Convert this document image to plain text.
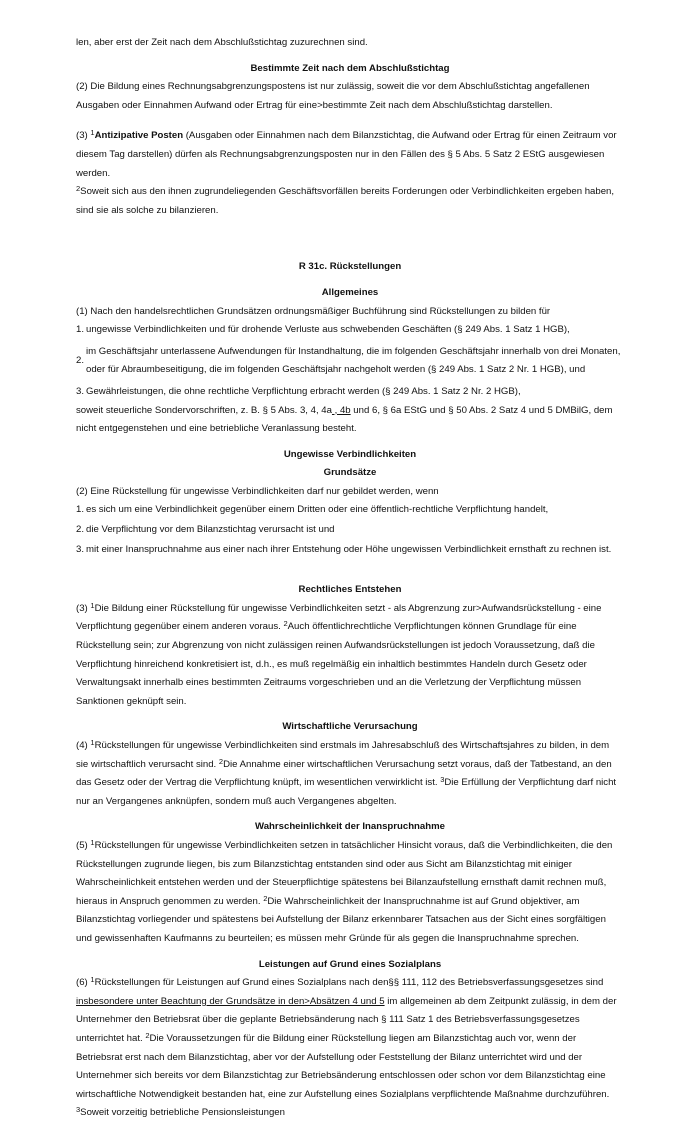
len, aber erst der Zeit nach dem Abschlußstichtag zuzurechnen sind.

Bestimmte Zeit nach dem Abschlußstichtag

(2) Die Bildung eines Rechnungsabgrenzungspostens ist nur zulässig, soweit die vor dem Abschlußstichtag angefallenen Ausgaben oder Einnahmen Aufwand oder Ertrag für eine>bestimmte Zeit nach dem Abschlußstichtag darstellen.

(3) $^1$Antizipative Posten (Ausgaben oder Einnahmen nach dem Bilanzstichtag, die Aufwand oder Ertrag für einen Zeitraum vor diesem Tag darstellen) dürfen als Rechnungsabgrenzungsposten nur in den Fällen des § 5 Abs. 5 Satz 2 EStG ausgewiesen werden.
$^2$Soweit sich aus den ihnen zugrundeliegenden Geschäftsvorfällen bereits Forderungen oder Verbindlichkeiten ergeben haben, sind sie als solche zu bilanzieren.

R 31c. Rückstellungen

Allgemeines

(1) Nach den handelsrechtlichen Grundsätzen ordnungsmäßiger Buchführung sind Rückstellungen zu bilden für

1. ungewisse Verbindlichkeiten und für drohende Verluste aus schwebenden Geschäften (§ 249 Abs. 1 Satz 1 HGB),
2.
im Geschäftsjahr unterlassene Aufwendungen für Instandhaltung, die im folgenden Geschäftsjahr innerhalb von drei Monaten, oder für Abraumbeseitigung, die im folgenden Geschäftsjahr nachgeholt werden (§ 249 Abs. 1 Satz 2 Nr. 1 HGB), und
3. Gewährleistungen, die ohne rechtliche Verpflichtung erbracht werden (§ 249 Abs. 1 Satz 2 Nr. 2 HGB),

soweit steuerliche Sondervorschriften, z. B. § 5 Abs. 3, 4, 4a , 4b und 6, § 6a EStG und § 50 Abs. 2 Satz 4 und 5 DMBilG, dem nicht entgegenstehen und eine betriebliche Veranlassung besteht.

Ungewisse Verbindlichkeiten

Grundsätze

(2) Eine Rückstellung für ungewisse Verbindlichkeiten darf nur gebildet werden, wenn

1. es sich um eine Verbindlichkeit gegenüber einem Dritten oder eine öffentlich-rechtliche Verpflichtung handelt,
2. die Verpflichtung vor dem Bilanzstichtag verursacht ist und
3. mit einer Inanspruchnahme aus einer nach ihrer Entstehung oder Höhe ungewissen Verbindlichkeit ernsthaft zu rechnen ist.

Rechtliches Entstehen

(3) $^1$Die Bildung einer Rückstellung für ungewisse Verbindlichkeiten setzt - als Abgrenzung zur>Aufwandsrückstellung - eine Verpflichtung gegenüber einem anderen voraus. $^2$Auch öffentlichrechtliche Verpflichtungen können Grundlage für eine Rückstellung sein; zur Abgrenzung von nicht zulässigen reinen Aufwandsrückstellungen ist jedoch Voraussetzung, daß die Verpflichtung hinreichend konkretisiert ist, d.h., es muß regelmäßig ein inhaltlich bestimmtes Handeln durch Gesetz oder Verwaltungsakt innerhalb eines bestimmten Zeitraums vorgeschrieben und an die Verletzung der Verpflichtung müssen Sanktionen geknüpft sein.

Wirtschaftliche Verursachung

(4) $^1$Rückstellungen für ungewisse Verbindlichkeiten sind erstmals im Jahresabschluß des Wirtschaftsjahres zu bilden, in dem sie wirtschaftlich verursacht sind. $^2$Die Annahme einer wirtschaftlichen Verursachung setzt voraus, daß der Tatbestand, an den das Gesetz oder der Vertrag die Verpflichtung knüpft, im wesentlichen verwirklicht ist. $^3$Die Erfüllung der Verpflichtung darf nicht nur an Vergangenes anknüpfen, sondern muß auch Vergangenes abgelten.

Wahrscheinlichkeit der Inanspruchnahme

(5) $^1$Rückstellungen für ungewisse Verbindlichkeiten setzen in tatsächlicher Hinsicht voraus, daß die Verbindlichkeiten, die den Rückstellungen zugrunde liegen, bis zum Bilanzstichtag entstanden sind oder aus Sicht am Bilanzstichtag mit einiger Wahrscheinlichkeit entstehen werden und der Steuerpflichtige spätestens bei Bilanzaufstellung ernsthaft damit rechnen muß, hieraus in Anspruch genommen zu werden. $^2$Die Wahrscheinlichkeit der Inanspruchnahme ist auf Grund objektiver, am Bilanzstichtag vorliegender und spätestens bei Aufstellung der Bilanz erkennbarer Tatsachen aus der Sicht eines sorgfältigen und gewissenhaften Kaufmanns zu beurteilen; es müssen mehr Gründe für als gegen die Inanspruchnahme sprechen.

Leistungen auf Grund eines Sozialplans

(6) $^1$Rückstellungen für Leistungen auf Grund eines Sozialplans nach den§§ 111, 112 des Betriebsverfassungsgesetzes sind insbesondere unter Beachtung der Grundsätze in den>Absätzen 4 und 5 im allgemeinen ab dem Zeitpunkt zulässig, in dem der Unternehmer den Betriebsrat über die geplante Betriebsänderung nach § 111 Satz 1 des Betriebsverfassungsgesetzes unterrichtet hat. $^2$Die Voraussetzungen für die Bildung einer Rückstellung liegen am Bilanzstichtag auch vor, wenn der Betriebsrat erst nach dem Bilanzstichtag, aber vor der Aufstellung oder Feststellung der Bilanz unterrichtet wird und der Unternehmer sich bereits vor dem Bilanzstichtag zur Betriebsänderung entschlossen oder schon vor dem Bilanzstichtag eine wirtschaftliche Notwendigkeit bestanden hat, eine zur Aufstellung eines Sozialplans verpflichtende Maßnahme durchzuführen. $^3$Soweit vorzeitig betriebliche Pensionsleistungen
